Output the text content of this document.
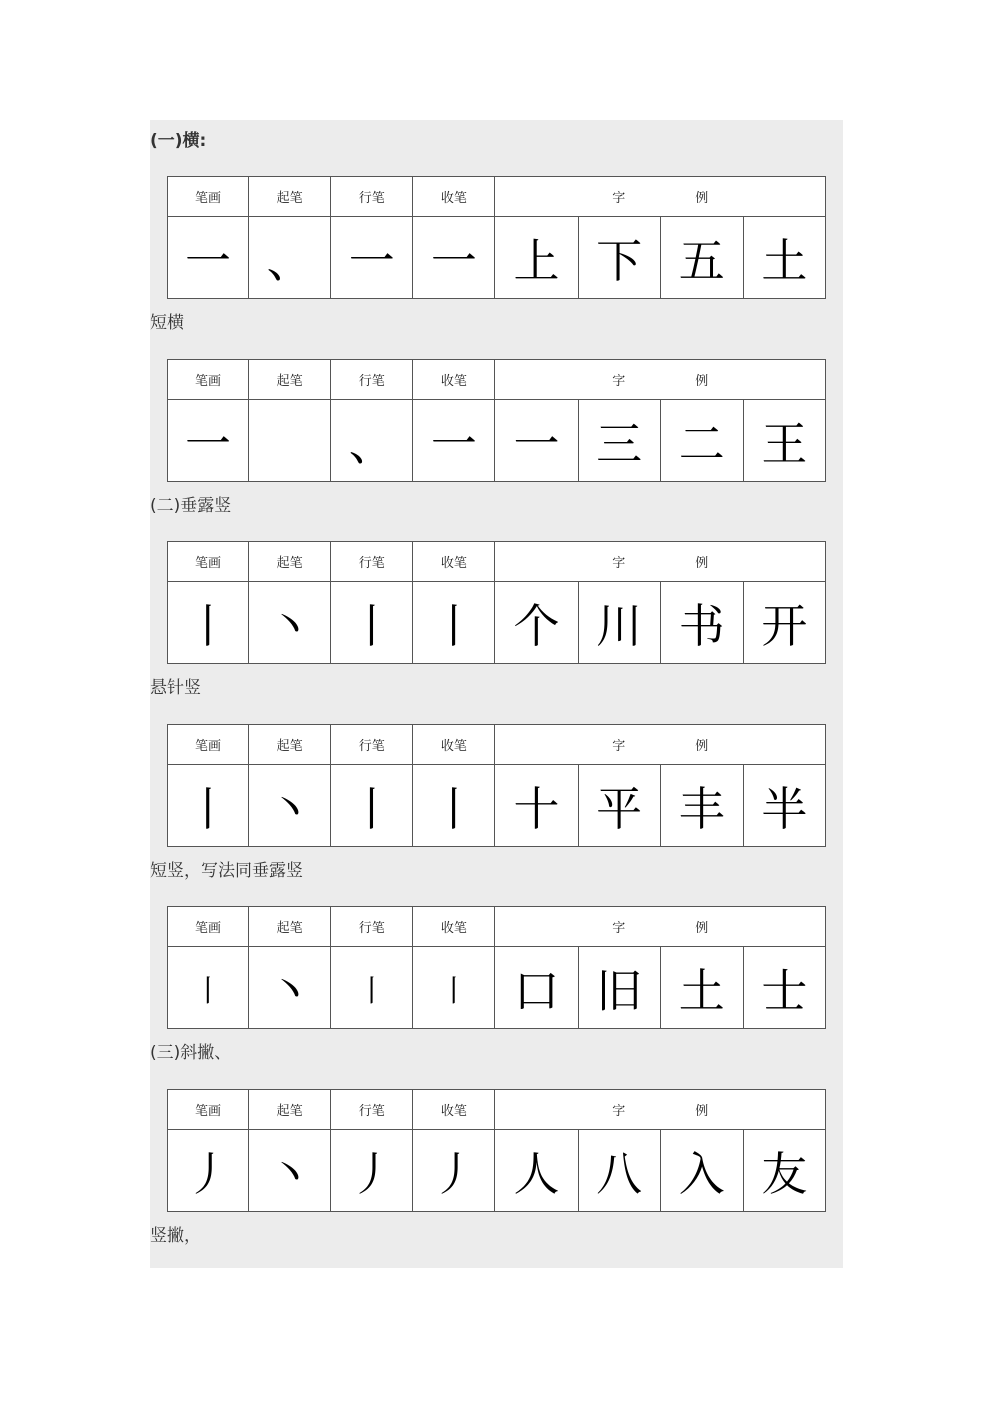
(一)横:
笔画	起笔	行笔	收笔	字 例			
一	、	一	一	上	下	五	土
短横
笔画	起笔	行笔	收笔	字 例			
一		、	一	一	三	二	王
(二)垂露竖
笔画	起笔	行笔	收笔	字 例			
丨	丶	丨	丨	个	川	书	开
悬针竖
笔画	起笔	行笔	收笔	字 例			
丨	丶	丨	丨	十	平	丰	半
短竖，写法同垂露竖
笔画	起笔	行笔	收笔	字 例			
丨	丶	丨	丨	口	旧	土	士
(三)斜撇、
笔画	起笔	行笔	收笔	字 例			
丿	丶	丿	丿	人	八	入	友
竖撇，
